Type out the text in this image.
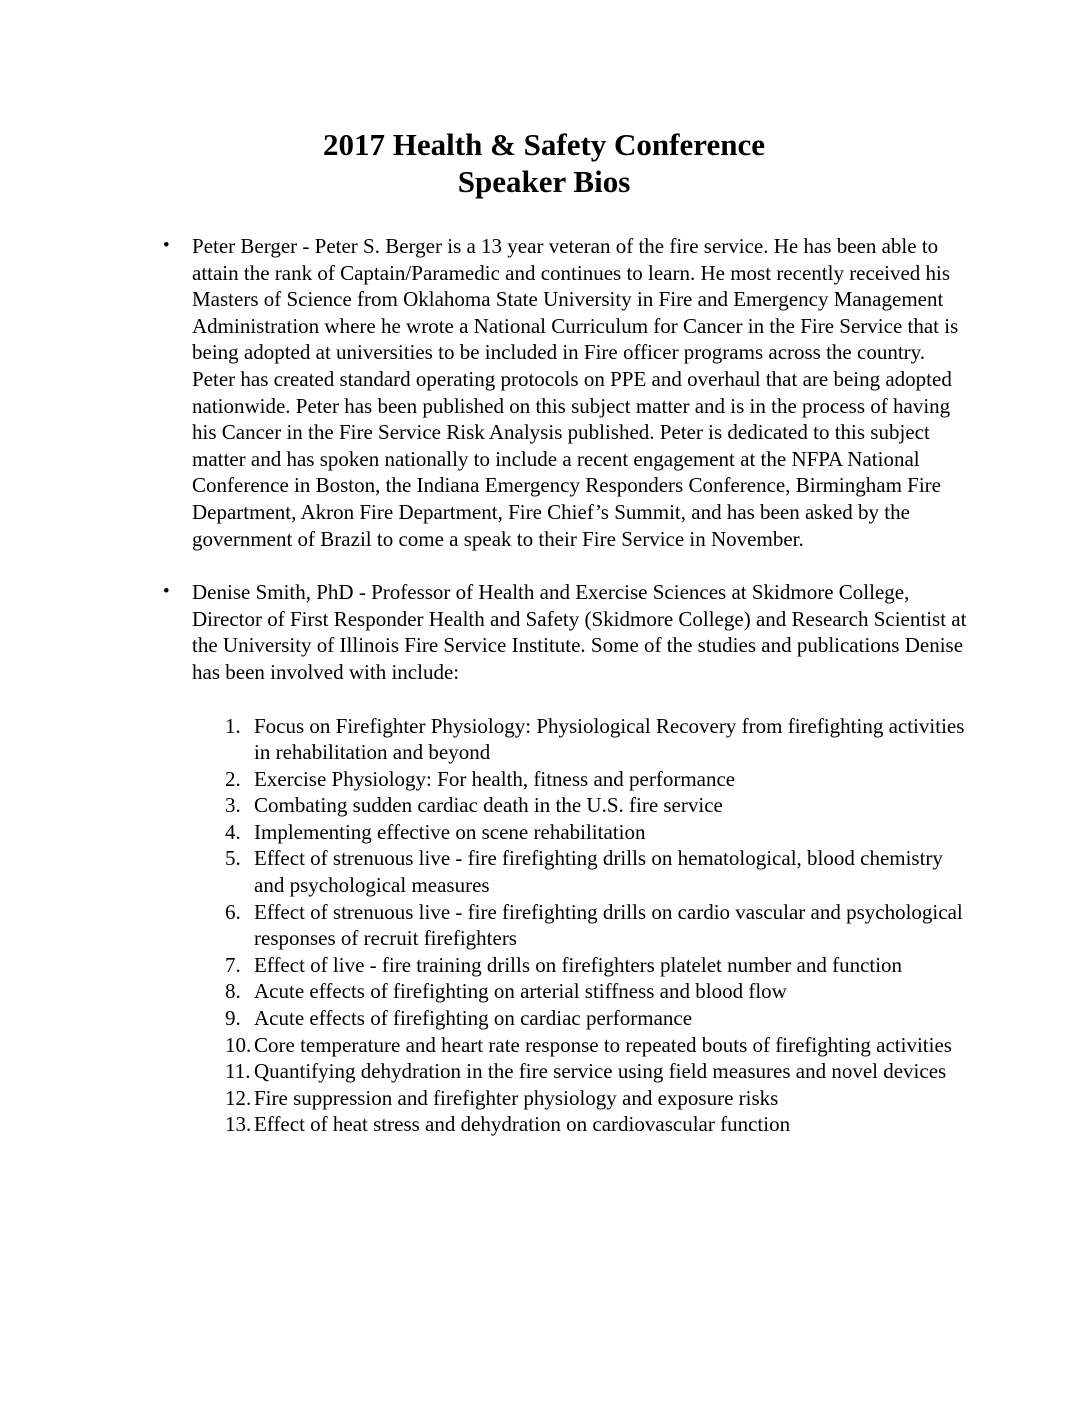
2017 Health & Safety Conference
Speaker Bios
•	Peter Berger - Peter S. Berger is a 13 year veteran of the fire service. He has been able to attain the rank of Captain/Paramedic and continues to learn. He most recently received his Masters of Science from Oklahoma State University in Fire and Emergency Management Administration where he wrote a National Curriculum for Cancer in the Fire Service that is being adopted at universities to be included in Fire officer programs across the country. Peter has created standard operating protocols on PPE and overhaul that are being adopted nationwide. Peter has been published on this subject matter and is in the process of having his Cancer in the Fire Service Risk Analysis published. Peter is dedicated to this subject matter and has spoken nationally to include a recent engagement at the NFPA National Conference in Boston, the Indiana Emergency Responders Conference, Birmingham Fire Department, Akron Fire Department, Fire Chief’s Summit, and has been asked by the government of Brazil to come a speak to their Fire Service in November.

•	Denise Smith, PhD - Professor of Health and Exercise Sciences at Skidmore College, Director of First Responder Health and Safety (Skidmore College) and Research Scientist at the University of Illinois Fire Service Institute. Some of the studies and publications Denise has been involved with include:

1. Focus on Firefighter Physiology: Physiological Recovery from firefighting activities in rehabilitation and beyond
2. Exercise Physiology: For health, fitness and performance
3. Combating sudden cardiac death in the U.S. fire service
4. Implementing effective on scene rehabilitation
5. Effect of strenuous live - fire firefighting drills on hematological, blood chemistry and psychological measures
6. Effect of strenuous live - fire firefighting drills on cardio vascular and psychological responses of recruit firefighters
7. Effect of live - fire training drills on firefighters platelet number and function
8. Acute effects of firefighting on arterial stiffness and blood flow
9. Acute effects of firefighting on cardiac performance
10. Core temperature and heart rate response to repeated bouts of firefighting activities
11. Quantifying dehydration in the fire service using field measures and novel devices
12. Fire suppression and firefighter physiology and exposure risks
13. Effect of heat stress and dehydration on cardiovascular function
